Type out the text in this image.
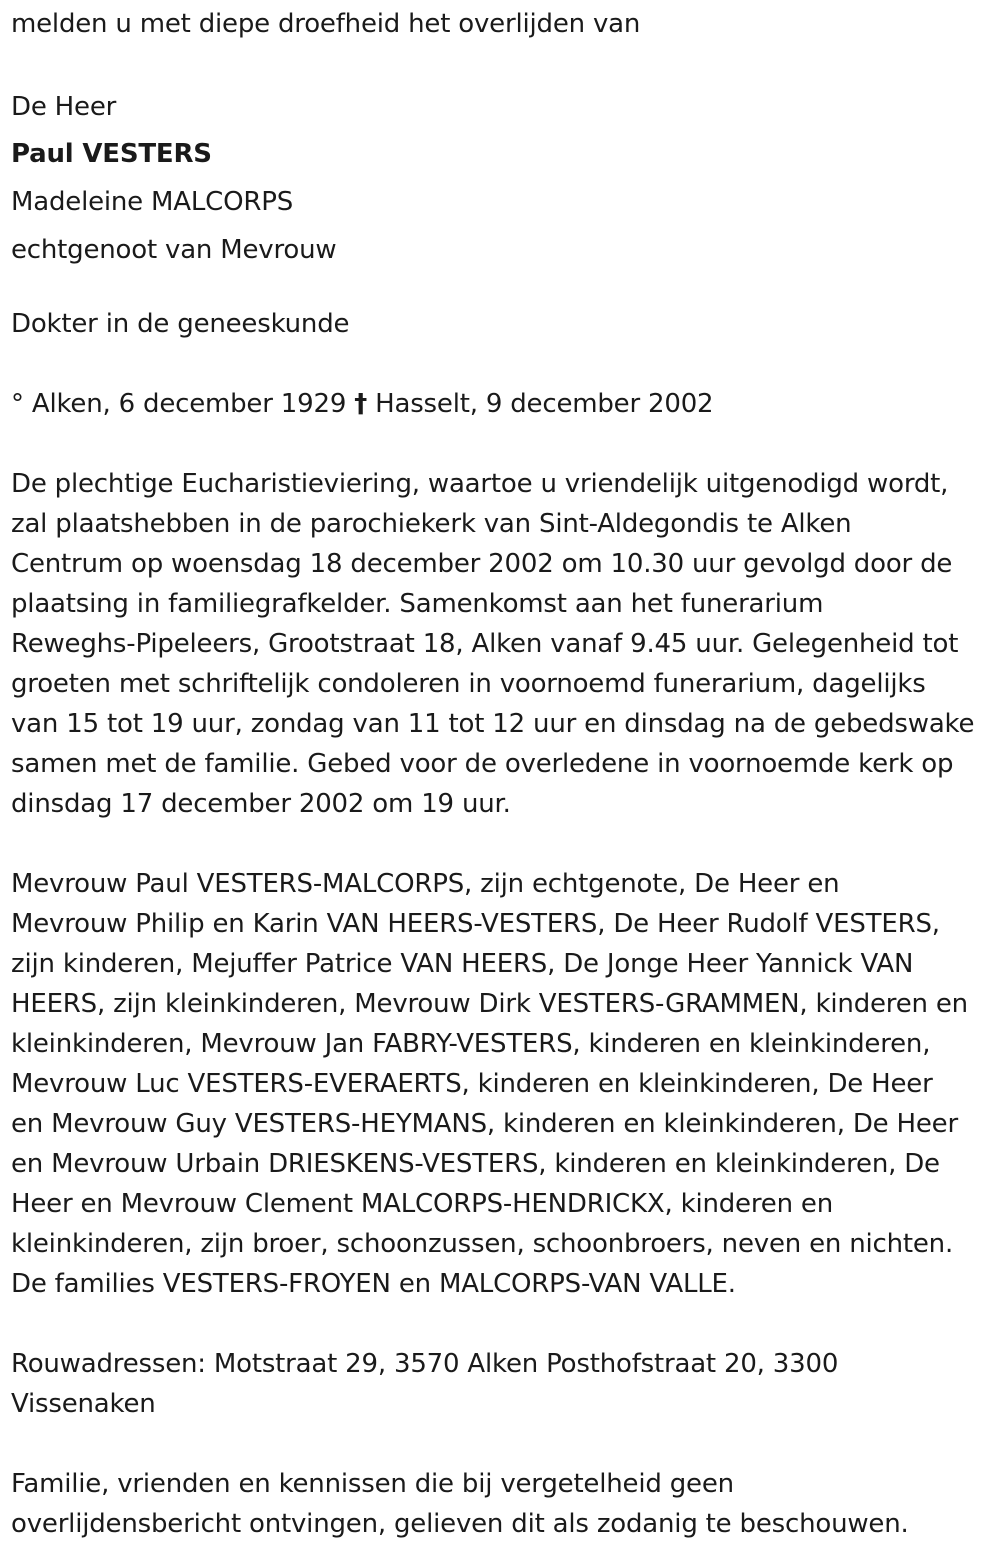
melden u met diepe droefheid het overlijden van
De Heer
Paul VESTERS
Madeleine MALCORPS
echtgenoot van Mevrouw
Dokter in de geneeskunde
° Alken, 6 december 1929 † Hasselt, 9 december 2002
De plechtige Eucharistieviering, waartoe u vriendelijk uitgenodigd wordt,
zal plaatshebben in de parochiekerk van Sint-Aldegondis te Alken
Centrum op woensdag 18 december 2002 om 10.30 uur gevolgd door de
plaatsing in familiegrafkelder. Samenkomst aan het funerarium
Reweghs-Pipeleers, Grootstraat 18, Alken vanaf 9.45 uur. Gelegenheid tot
groeten met schriftelijk condoleren in voornoemd funerarium, dagelijks
van 15 tot 19 uur, zondag van 11 tot 12 uur en dinsdag na de gebedswake
samen met de familie. Gebed voor de overledene in voornoemde kerk op
dinsdag 17 december 2002 om 19 uur.
Mevrouw Paul VESTERS-MALCORPS, zijn echtgenote, De Heer en
Mevrouw Philip en Karin VAN HEERS-VESTERS, De Heer Rudolf VESTERS,
zijn kinderen, Mejuffer Patrice VAN HEERS, De Jonge Heer Yannick VAN
HEERS, zijn kleinkinderen, Mevrouw Dirk VESTERS-GRAMMEN, kinderen en
kleinkinderen, Mevrouw Jan FABRY-VESTERS, kinderen en kleinkinderen,
Mevrouw Luc VESTERS-EVERAERTS, kinderen en kleinkinderen, De Heer
en Mevrouw Guy VESTERS-HEYMANS, kinderen en kleinkinderen, De Heer
en Mevrouw Urbain DRIESKENS-VESTERS, kinderen en kleinkinderen, De
Heer en Mevrouw Clement MALCORPS-HENDRICKX, kinderen en
kleinkinderen, zijn broer, schoonzussen, schoonbroers, neven en nichten.
De families VESTERS-FROYEN en MALCORPS-VAN VALLE.
Rouwadressen: Motstraat 29, 3570 Alken Posthofstraat 20, 3300
Vissenaken
Familie, vrienden en kennissen die bij vergetelheid geen
overlijdensbericht ontvingen, gelieven dit als zodanig te beschouwen.
